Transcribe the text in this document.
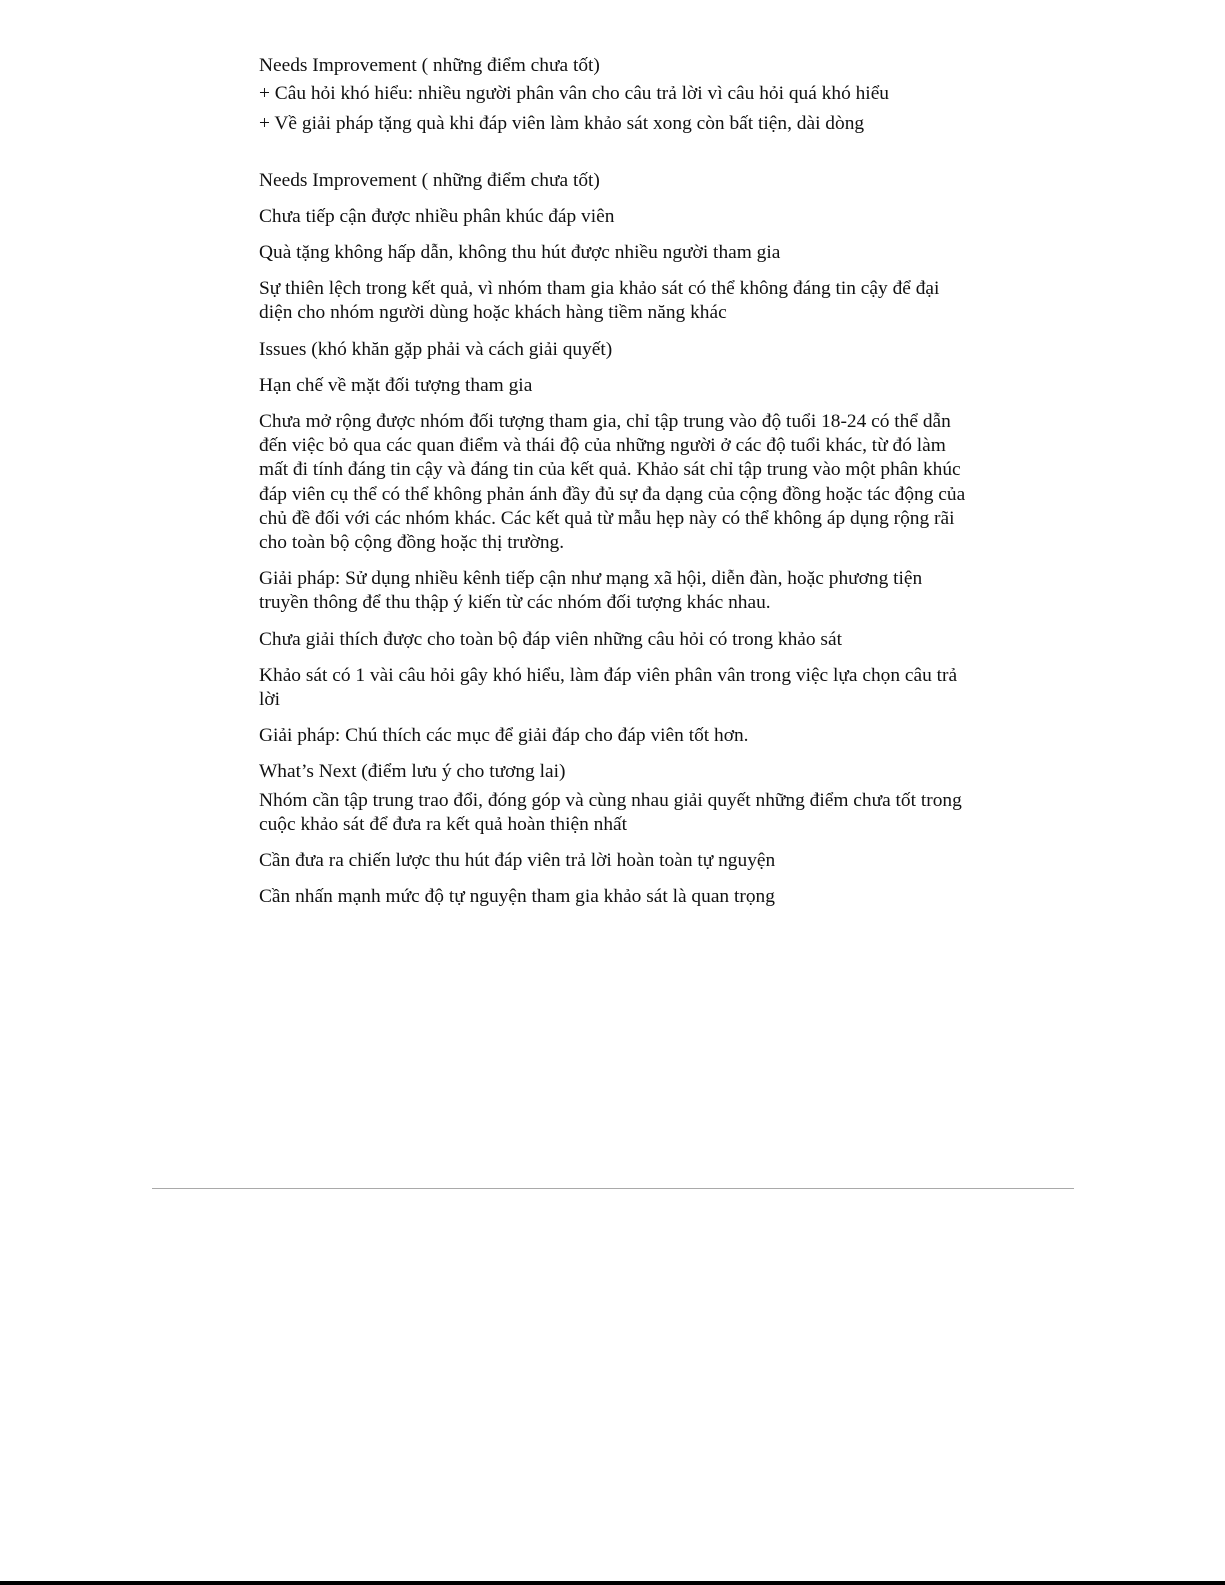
Needs Improvement ( những điểm chưa tốt)

+ Câu hỏi khó hiểu: nhiều người phân vân cho câu trả lời vì câu hỏi quá khó hiểu

+ Về giải pháp tặng quà khi đáp viên làm khảo sát xong còn bất tiện, dài dòng

Needs Improvement ( những điểm chưa tốt)

Chưa tiếp cận được nhiều phân khúc đáp viên

Quà tặng không hấp dẫn, không thu hút được nhiều người tham gia

Sự thiên lệch trong kết quả, vì nhóm tham gia khảo sát có thể không đáng tin cậy để đại diện cho nhóm người dùng hoặc khách hàng tiềm năng khác

Issues (khó khăn gặp phải và cách giải quyết)

Hạn chế về mặt đối tượng tham gia

Chưa mở rộng được nhóm đối tượng tham gia, chỉ tập trung vào độ tuổi 18-24 có thể dẫn đến việc bỏ qua các quan điểm và thái độ của những người ở các độ tuổi khác, từ đó làm mất đi tính đáng tin cậy và đáng tin của kết quả. Khảo sát chỉ tập trung vào một phân khúc đáp viên cụ thể có thể không phản ánh đầy đủ sự đa dạng của cộng đồng hoặc tác động của chủ đề đối với các nhóm khác. Các kết quả từ mẫu hẹp này có thể không áp dụng rộng rãi cho toàn bộ cộng đồng hoặc thị trường.

Giải pháp: Sử dụng nhiều kênh tiếp cận như mạng xã hội, diễn đàn, hoặc phương tiện truyền thông để thu thập ý kiến từ các nhóm đối tượng khác nhau.

Chưa giải thích được cho toàn bộ đáp viên những câu hỏi có trong khảo sát

Khảo sát có 1 vài câu hỏi gây khó hiểu, làm đáp viên phân vân trong việc lựa chọn câu trả lời

Giải pháp: Chú thích các mục để giải đáp cho đáp viên tốt hơn.

What’s Next (điểm lưu ý cho tương lai)

Nhóm cần tập trung trao đổi, đóng góp và cùng nhau giải quyết những điểm chưa tốt trong cuộc khảo sát để đưa ra kết quả hoàn thiện nhất

Cần đưa ra chiến lược thu hút đáp viên trả lời hoàn toàn tự nguyện

Cần nhấn mạnh mức độ tự nguyện tham gia khảo sát là quan trọng
